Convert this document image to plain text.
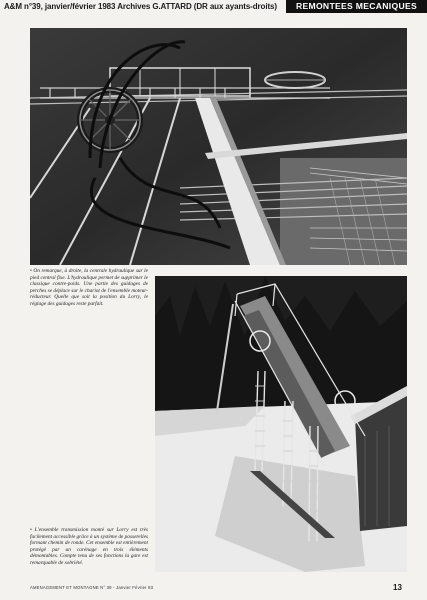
A&M n°39, janvier/février 1983 Archives G.ATTARD (DR aux ayants-droits)	REMONTEES MECANIQUES
• On remarque, à droite, la centrale hydraulique sur le pied central fixe. L'hydraulique permet de supprimer le classique contre-poids. Une partie des guidages de perches se déplace sur le chariot de l'ensemble moteur-réducteur. Quelle que soit la position du Lorry, le réglage des guidages reste parfait.
• L'ensemble transmission monté sur Lorry est très facilement accessible grâce à un système de passerelles formant chemin de ronde. Cet ensemble est entièrement protégé par un carénage en trois éléments démontables. Compte tenu de ses fonctions la gare est remarquable de sobriété.
AMENAGEMENT ET MONTAGNE N° 39 - Janvier Février 83	13
